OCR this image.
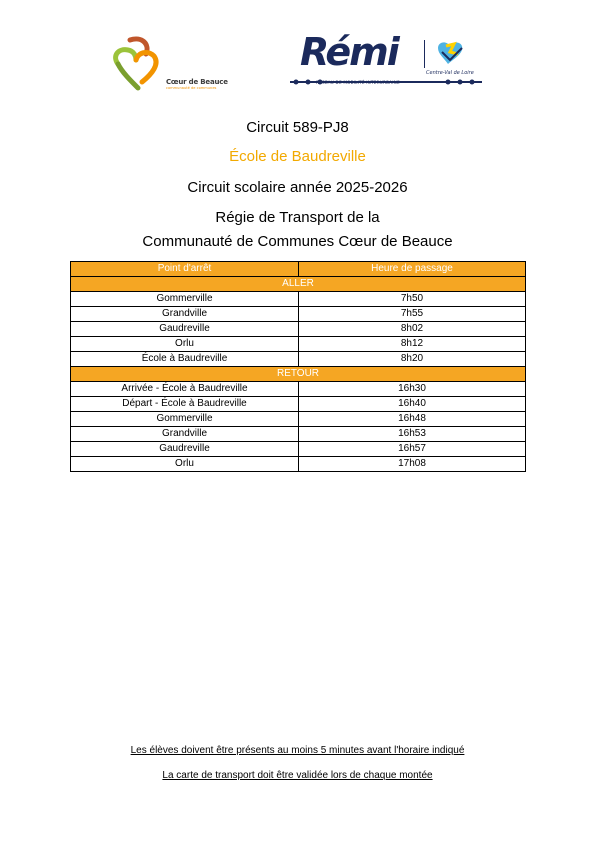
Cœur de Beauce
communauté de communes
Rémi	Centre-Val de Loire
RÉSEAU DE MOBILITÉ INTERURBAINE
Circuit 589-PJ8
École de Baudreville
Circuit scolaire année 2025-2026
Régie de Transport de la
Communauté de Communes Cœur de Beauce
Point d'arrêt	Heure de passage
ALLER	
Gommerville	7h50
Grandville	7h55
Gaudreville	8h02
Orlu	8h12
École à Baudreville	8h20
RETOUR	
Arrivée - École à Baudreville	16h30
Départ - École à Baudreville	16h40
Gommerville	16h48
Grandville	16h53
Gaudreville	16h57
Orlu	17h08
Les élèves doivent être présents au moins 5 minutes avant l'horaire indiqué
La carte de transport doit être validée lors de chaque montée
